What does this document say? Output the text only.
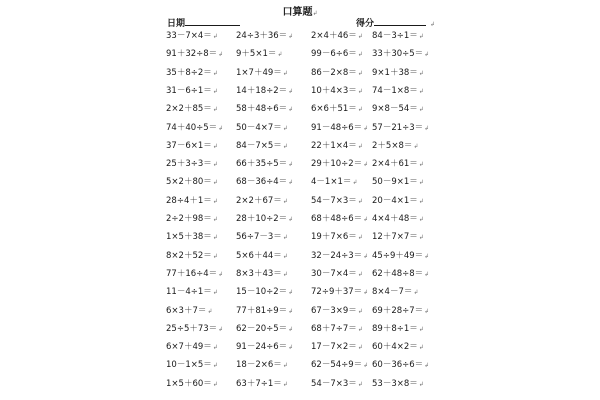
口算题↲
日期	得分	↲
33－7×4＝↲
91＋32÷8＝↲
35＋8÷2＝↲
31－6÷1＝↲
2×2＋85＝↲
74＋40÷5＝↲
37－6×1＝↲
25＋3÷3＝↲
5×2＋80＝↲
28÷4＋1＝↲
2÷2＋98＝↲
1×5＋38＝↲
8×2＋52＝↲
77＋16÷4＝↲
11－4÷1＝↲
6×3＋7＝↲
25÷5＋73＝↲
6×7＋49＝↲
10－1×5＝↲
1×5＋60＝↲
24÷3＋36＝↲
9＋5×1＝↲
1×7＋49＝↲
14＋18÷2＝↲
58＋48÷6＝↲
50－4×7＝↲
84－7×5＝↲
66＋35÷5＝↲
68－36÷4＝↲
2×2＋67＝↲
28＋10÷2＝↲
56÷7－3＝↲
5×6＋44＝↲
8×3＋43＝↲
15－10÷2＝↲
77＋81÷9＝↲
62－20÷5＝↲
91－24÷6＝↲
18－2×6＝↲
63＋7÷1＝↲
2×4＋46＝↲
99－6÷6＝↲
86－2×8＝↲
10＋4×3＝↲
6×6＋51＝↲
91－48÷6＝↲
22＋1×4＝↲
29＋10÷2＝↲
4－1×1＝↲
54－7×3＝↲
68＋48÷6＝↲
19＋7×6＝↲
32－24÷3＝↲
30－7×4＝↲
72÷9＋37＝↲
67－3×9＝↲
68＋7÷7＝↲
17－7×2＝↲
62－54÷9＝↲
54－7×3＝↲
84－3÷1＝↲
33＋30÷5＝↲
9×1＋38＝↲
74－1×8＝↲
9×8－54＝↲
57－21÷3＝↲
2＋5×8＝↲
2×4＋61＝↲
50－9×1＝↲
20－4×1＝↲
4×4＋48＝↲
12＋7×7＝↲
45÷9＋49＝↲
62＋48÷8＝↲
8×4－7＝↲
69＋28÷7＝↲
89＋8÷1＝↲
60＋4×2＝↲
60－36÷6＝↲
53－3×8＝↲
